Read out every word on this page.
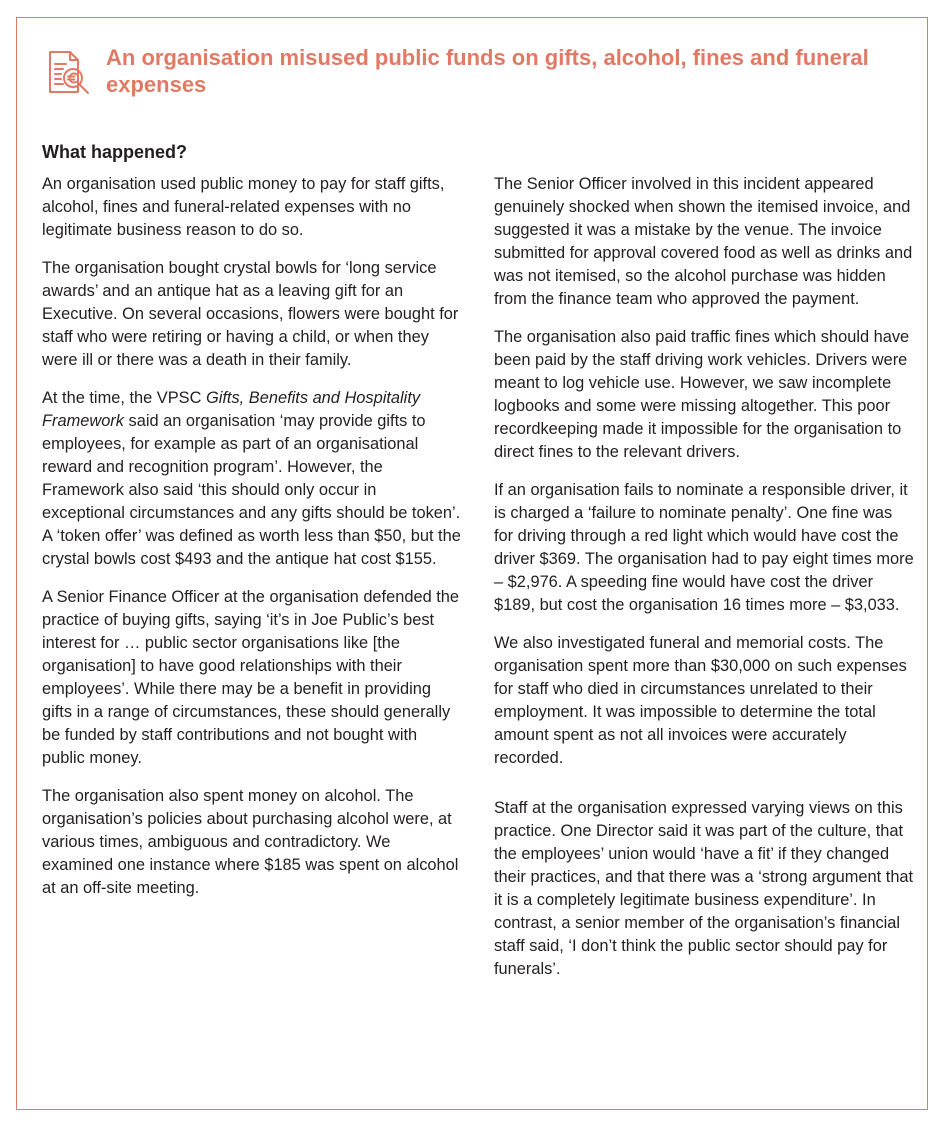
An organisation misused public funds on gifts, alcohol, fines and funeral expenses
What happened?

An organisation used public money to pay for staff gifts, alcohol, fines and funeral-related expenses with no legitimate business reason to do so.

The organisation bought crystal bowls for ‘long service awards’ and an antique hat as a leaving gift for an Executive. On several occasions, flowers were bought for staff who were retiring or having a child, or when they were ill or there was a death in their family.

At the time, the VPSC Gifts, Benefits and Hospitality Framework said an organisation ‘may provide gifts to employees, for example as part of an organisational reward and recognition program’. However, the Framework also said ‘this should only occur in exceptional circumstances and any gifts should be token’. A ‘token offer’ was defined as worth less than $50, but the crystal bowls cost $493 and the antique hat cost $155.

A Senior Finance Officer at the organisation defended the practice of buying gifts, saying ‘it’s in Joe Public’s best interest for … public sector organisations like [the organisation] to have good relationships with their employees’. While there may be a benefit in providing gifts in a range of circumstances, these should generally be funded by staff contributions and not bought with public money.

The organisation also spent money on alcohol. The organisation’s policies about purchasing alcohol were, at various times, ambiguous and contradictory. We examined one instance where $185 was spent on alcohol at an off-site meeting.

The Senior Officer involved in this incident appeared genuinely shocked when shown the itemised invoice, and suggested it was a mistake by the venue. The invoice submitted for approval covered food as well as drinks and was not itemised, so the alcohol purchase was hidden from the finance team who approved the payment.

The organisation also paid traffic fines which should have been paid by the staff driving work vehicles. Drivers were meant to log vehicle use. However, we saw incomplete logbooks and some were missing altogether. This poor recordkeeping made it impossible for the organisation to direct fines to the relevant drivers.

If an organisation fails to nominate a responsible driver, it is charged a ‘failure to nominate penalty’. One fine was for driving through a red light which would have cost the driver $369. The organisation had to pay eight times more – $2,976. A speeding fine would have cost the driver $189, but cost the organisation 16 times more – $3,033.

We also investigated funeral and memorial costs. The organisation spent more than $30,000 on such expenses for staff who died in circumstances unrelated to their employment. It was impossible to determine the total amount spent as not all invoices were accurately recorded.

Staff at the organisation expressed varying views on this practice. One Director said it was part of the culture, that the employees’ union would ‘have a fit’ if they changed their practices, and that there was a ‘strong argument that it is a completely legitimate business expenditure’. In contrast, a senior member of the organisation’s financial staff said, ‘I don’t think the public sector should pay for funerals’.
